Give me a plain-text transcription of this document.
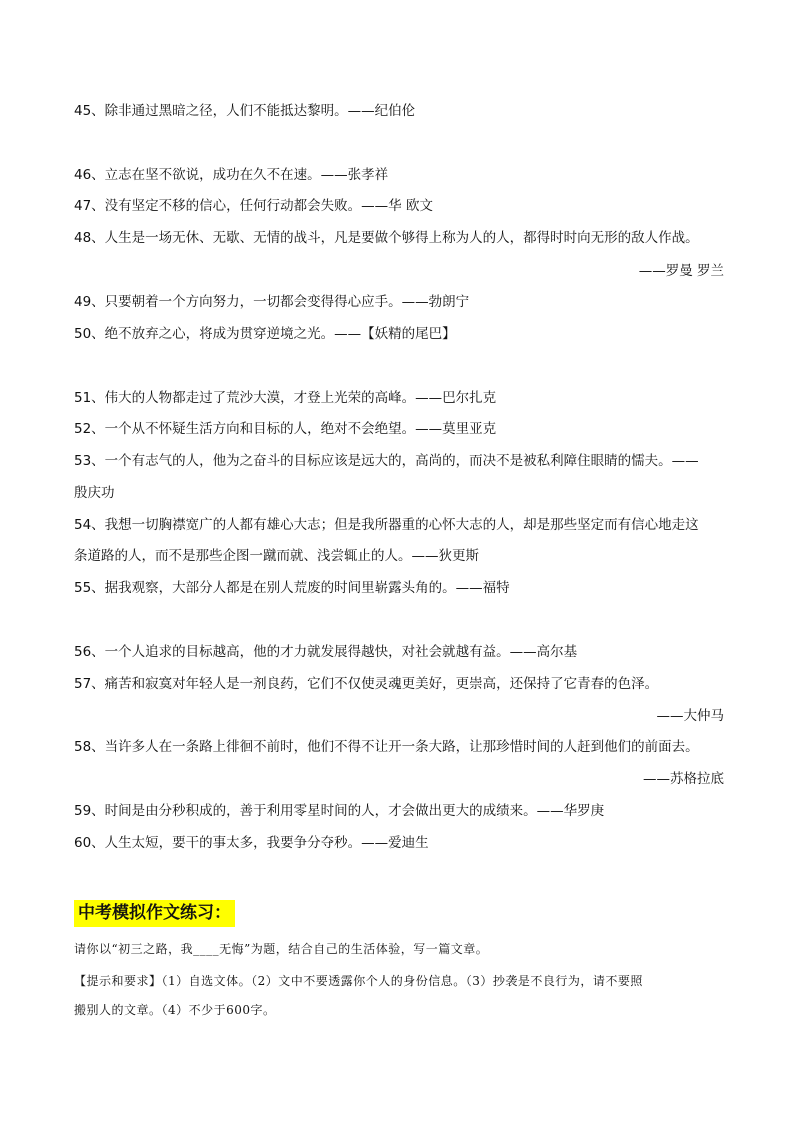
45、除非通过黑暗之径，人们不能抵达黎明。——纪伯伦
46、立志在坚不欲说，成功在久不在速。——张孝祥
47、没有坚定不移的信心，任何行动都会失败。——华 欧文
48、人生是一场无休、无歇、无情的战斗，凡是要做个够得上称为人的人，都得时时向无形的敌人作战。
——罗曼 罗兰
49、只要朝着一个方向努力，一切都会变得得心应手。——勃朗宁
50、绝不放弃之心，将成为贯穿逆境之光。——【妖精的尾巴】
51、伟大的人物都走过了荒沙大漠，才登上光荣的高峰。——巴尔扎克
52、一个从不怀疑生活方向和目标的人，绝对不会绝望。——莫里亚克
53、一个有志气的人，他为之奋斗的目标应该是远大的，高尚的，而决不是被私利障住眼睛的懦夫。——
殷庆功
54、我想一切胸襟宽广的人都有雄心大志；但是我所器重的心怀大志的人，却是那些坚定而有信心地走这
条道路的人，而不是那些企图一蹴而就、浅尝辄止的人。——狄更斯
55、据我观察，大部分人都是在别人荒废的时间里崭露头角的。——福特
56、一个人追求的目标越高，他的才力就发展得越快，对社会就越有益。——高尔基
57、痛苦和寂寞对年轻人是一剂良药，它们不仅使灵魂更美好，更崇高，还保持了它青春的色泽。
——大仲马
58、当许多人在一条路上徘徊不前时，他们不得不让开一条大路，让那珍惜时间的人赶到他们的前面去。
——苏格拉底
59、时间是由分秒积成的，善于利用零星时间的人，才会做出更大的成绩来。——华罗庚
60、人生太短，要干的事太多，我要争分夺秒。——爱迪生
中考模拟作文练习：
请你以“初三之路，我____无悔”为题，结合自己的生活体验，写一篇文章。
【提示和要求】（1）自选文体。（2）文中不要透露你个人的身份信息。（3）抄袭是不良行为，请不要照
搬别人的文章。（4）不少于600字。
